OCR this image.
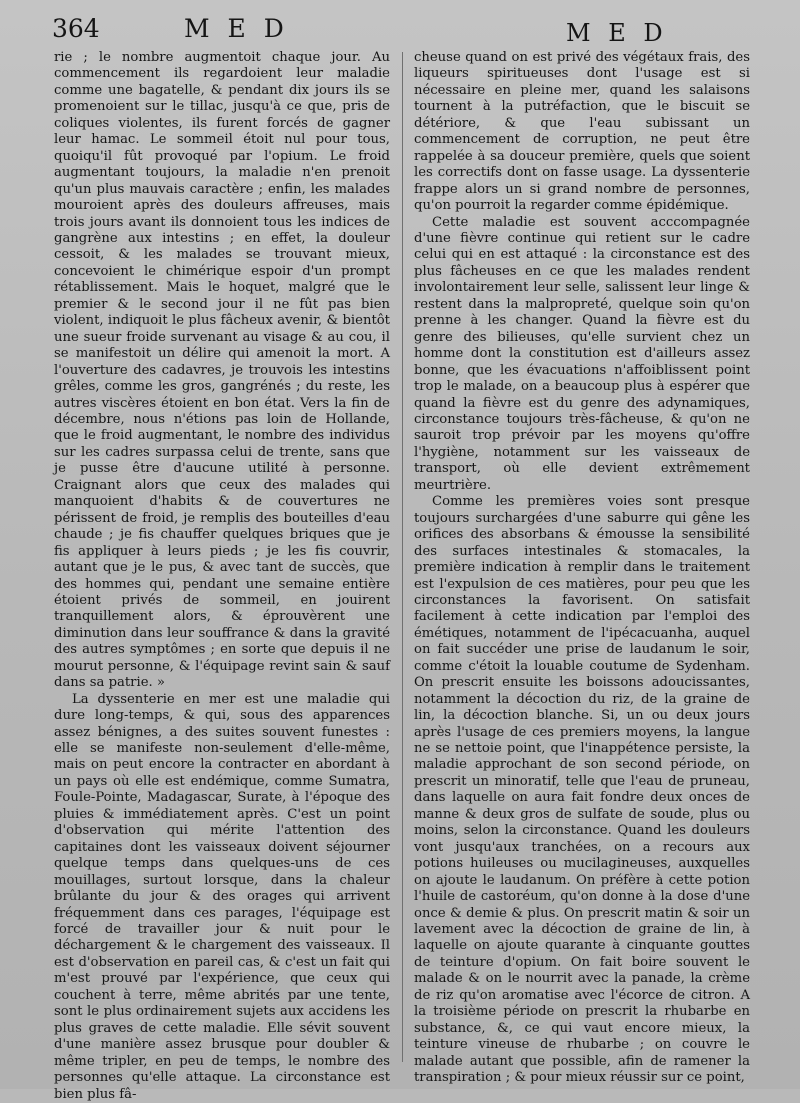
364	M E D	M E D

rie ; le nombre augmentoit chaque jour. Au commencement ils regardoient leur maladie comme une bagatelle, & pendant dix jours ils se promenoient sur le tillac, jusqu'à ce que, pris de coliques violentes, ils furent forcés de gagner leur hamac. Le sommeil étoit nul pour tous, quoiqu'il fût provoqué par l'opium. Le froid augmentant toujours, la maladie n'en prenoit qu'un plus mauvais caractère ; enfin, les malades mouroient après des douleurs affreuses, mais trois jours avant ils donnoient tous les indices de gangrène aux intestins ; en effet, la douleur cessoit, & les malades se trouvant mieux, concevoient le chimérique espoir d'un prompt rétablissement. Mais le hoquet, malgré que le premier & le second jour il ne fût pas bien violent, indiquoit le plus fâcheux avenir, & bientôt une sueur froide survenant au visage & au cou, il se manifestoit un délire qui amenoit la mort. A l'ouverture des cadavres, je trouvois les intestins grêles, comme les gros, gangrénés ; du reste, les autres viscères étoient en bon état. Vers la fin de décembre, nous n'étions pas loin de Hollande, que le froid augmentant, le nombre des individus sur les cadres surpassa celui de trente, sans que je pusse être d'aucune utilité à personne. Craignant alors que ceux des malades qui manquoient d'habits & de couvertures ne périssent de froid, je remplis des bouteilles d'eau chaude ; je fis chauffer quelques briques que je fis appliquer à leurs pieds ; je les fis couvrir, autant que je le pus, & avec tant de succès, que des hommes qui, pendant une semaine entière étoient privés de sommeil, en jouirent tranquillement alors, & éprouvèrent une diminution dans leur souffrance & dans la gravité des autres symptômes ; en sorte que depuis il ne mourut personne, & l'équipage revint sain & sauf dans sa patrie. »

La dyssenterie en mer est une maladie qui dure long-temps, & qui, sous des apparences assez bénignes, a des suites souvent funestes : elle se manifeste non-seulement d'elle-même, mais on peut encore la contracter en abordant à un pays où elle est endémique, comme Sumatra, Foule-Pointe, Madagascar, Surate, à l'époque des pluies & immédiatement après. C'est un point d'observation qui mérite l'attention des capitaines dont les vaisseaux doivent séjourner quelque temps dans quelques-uns de ces mouillages, surtout lorsque, dans la chaleur brûlante du jour & des orages qui arrivent fréquemment dans ces parages, l'équipage est forcé de travailler jour & nuit pour le déchargement & le chargement des vaisseaux. Il est d'observation en pareil cas, & c'est un fait qui m'est prouvé par l'expérience, que ceux qui couchent à terre, même abrités par une tente, sont le plus ordinairement sujets aux accidens les plus graves de cette maladie. Elle sévit souvent d'une manière assez brusque pour doubler & même tripler, en peu de temps, le nombre des personnes qu'elle attaque. La circonstance est bien plus fâ-

cheuse quand on est privé des végétaux frais, des liqueurs spiritueuses dont l'usage est si nécessaire en pleine mer, quand les salaisons tournent à la putréfaction, que le biscuit se détériore, & que l'eau subissant un commencement de corruption, ne peut être rappelée à sa douceur première, quels que soient les correctifs dont on fasse usage. La dyssenterie frappe alors un si grand nombre de personnes, qu'on pourroit la regarder comme épidémique.

Cette maladie est souvent acccompagnée d'une fièvre continue qui retient sur le cadre celui qui en est attaqué : la circonstance est des plus fâcheuses en ce que les malades rendent involontairement leur selle, salissent leur linge & restent dans la malpropreté, quelque soin qu'on prenne à les changer. Quand la fièvre est du genre des bilieuses, qu'elle survient chez un homme dont la constitution est d'ailleurs assez bonne, que les évacuations n'affoiblissent point trop le malade, on a beaucoup plus à espérer que quand la fièvre est du genre des adynamiques, circonstance toujours très-fâcheuse, & qu'on ne sauroit trop prévoir par les moyens qu'offre l'hygiène, notamment sur les vaisseaux de transport, où elle devient extrêmement meurtrière.

Comme les premières voies sont presque toujours surchargées d'une saburre qui gêne les orifices des absorbans & émousse la sensibilité des surfaces intestinales & stomacales, la première indication à remplir dans le traitement est l'expulsion de ces matières, pour peu que les circonstances la favorisent. On satisfait facilement à cette indication par l'emploi des émétiques, notamment de l'ipécacuanha, auquel on fait succéder une prise de laudanum le soir, comme c'étoit la louable coutume de Sydenham. On prescrit ensuite les boissons adoucissantes, notamment la décoction du riz, de la graine de lin, la décoction blanche. Si, un ou deux jours après l'usage de ces premiers moyens, la langue ne se nettoie point, que l'inappétence persiste, la maladie approchant de son second période, on prescrit un minoratif, telle que l'eau de pruneau, dans laquelle on aura fait fondre deux onces de manne & deux gros de sulfate de soude, plus ou moins, selon la circonstance. Quand les douleurs vont jusqu'aux tranchées, on a recours aux potions huileuses ou mucilagineuses, auxquelles on ajoute le laudanum. On préfère à cette potion l'huile de castoréum, qu'on donne à la dose d'une once & demie & plus. On prescrit matin & soir un lavement avec la décoction de graine de lin, à laquelle on ajoute quarante à cinquante gouttes de teinture d'opium. On fait boire souvent le malade & on le nourrit avec la panade, la crème de riz qu'on aromatise avec l'écorce de citron. A la troisième période on prescrit la rhubarbe en substance, &, ce qui vaut encore mieux, la teinture vineuse de rhubarbe ; on couvre le malade autant que possible, afin de ramener la transpiration ; & pour mieux réussir sur ce point,
